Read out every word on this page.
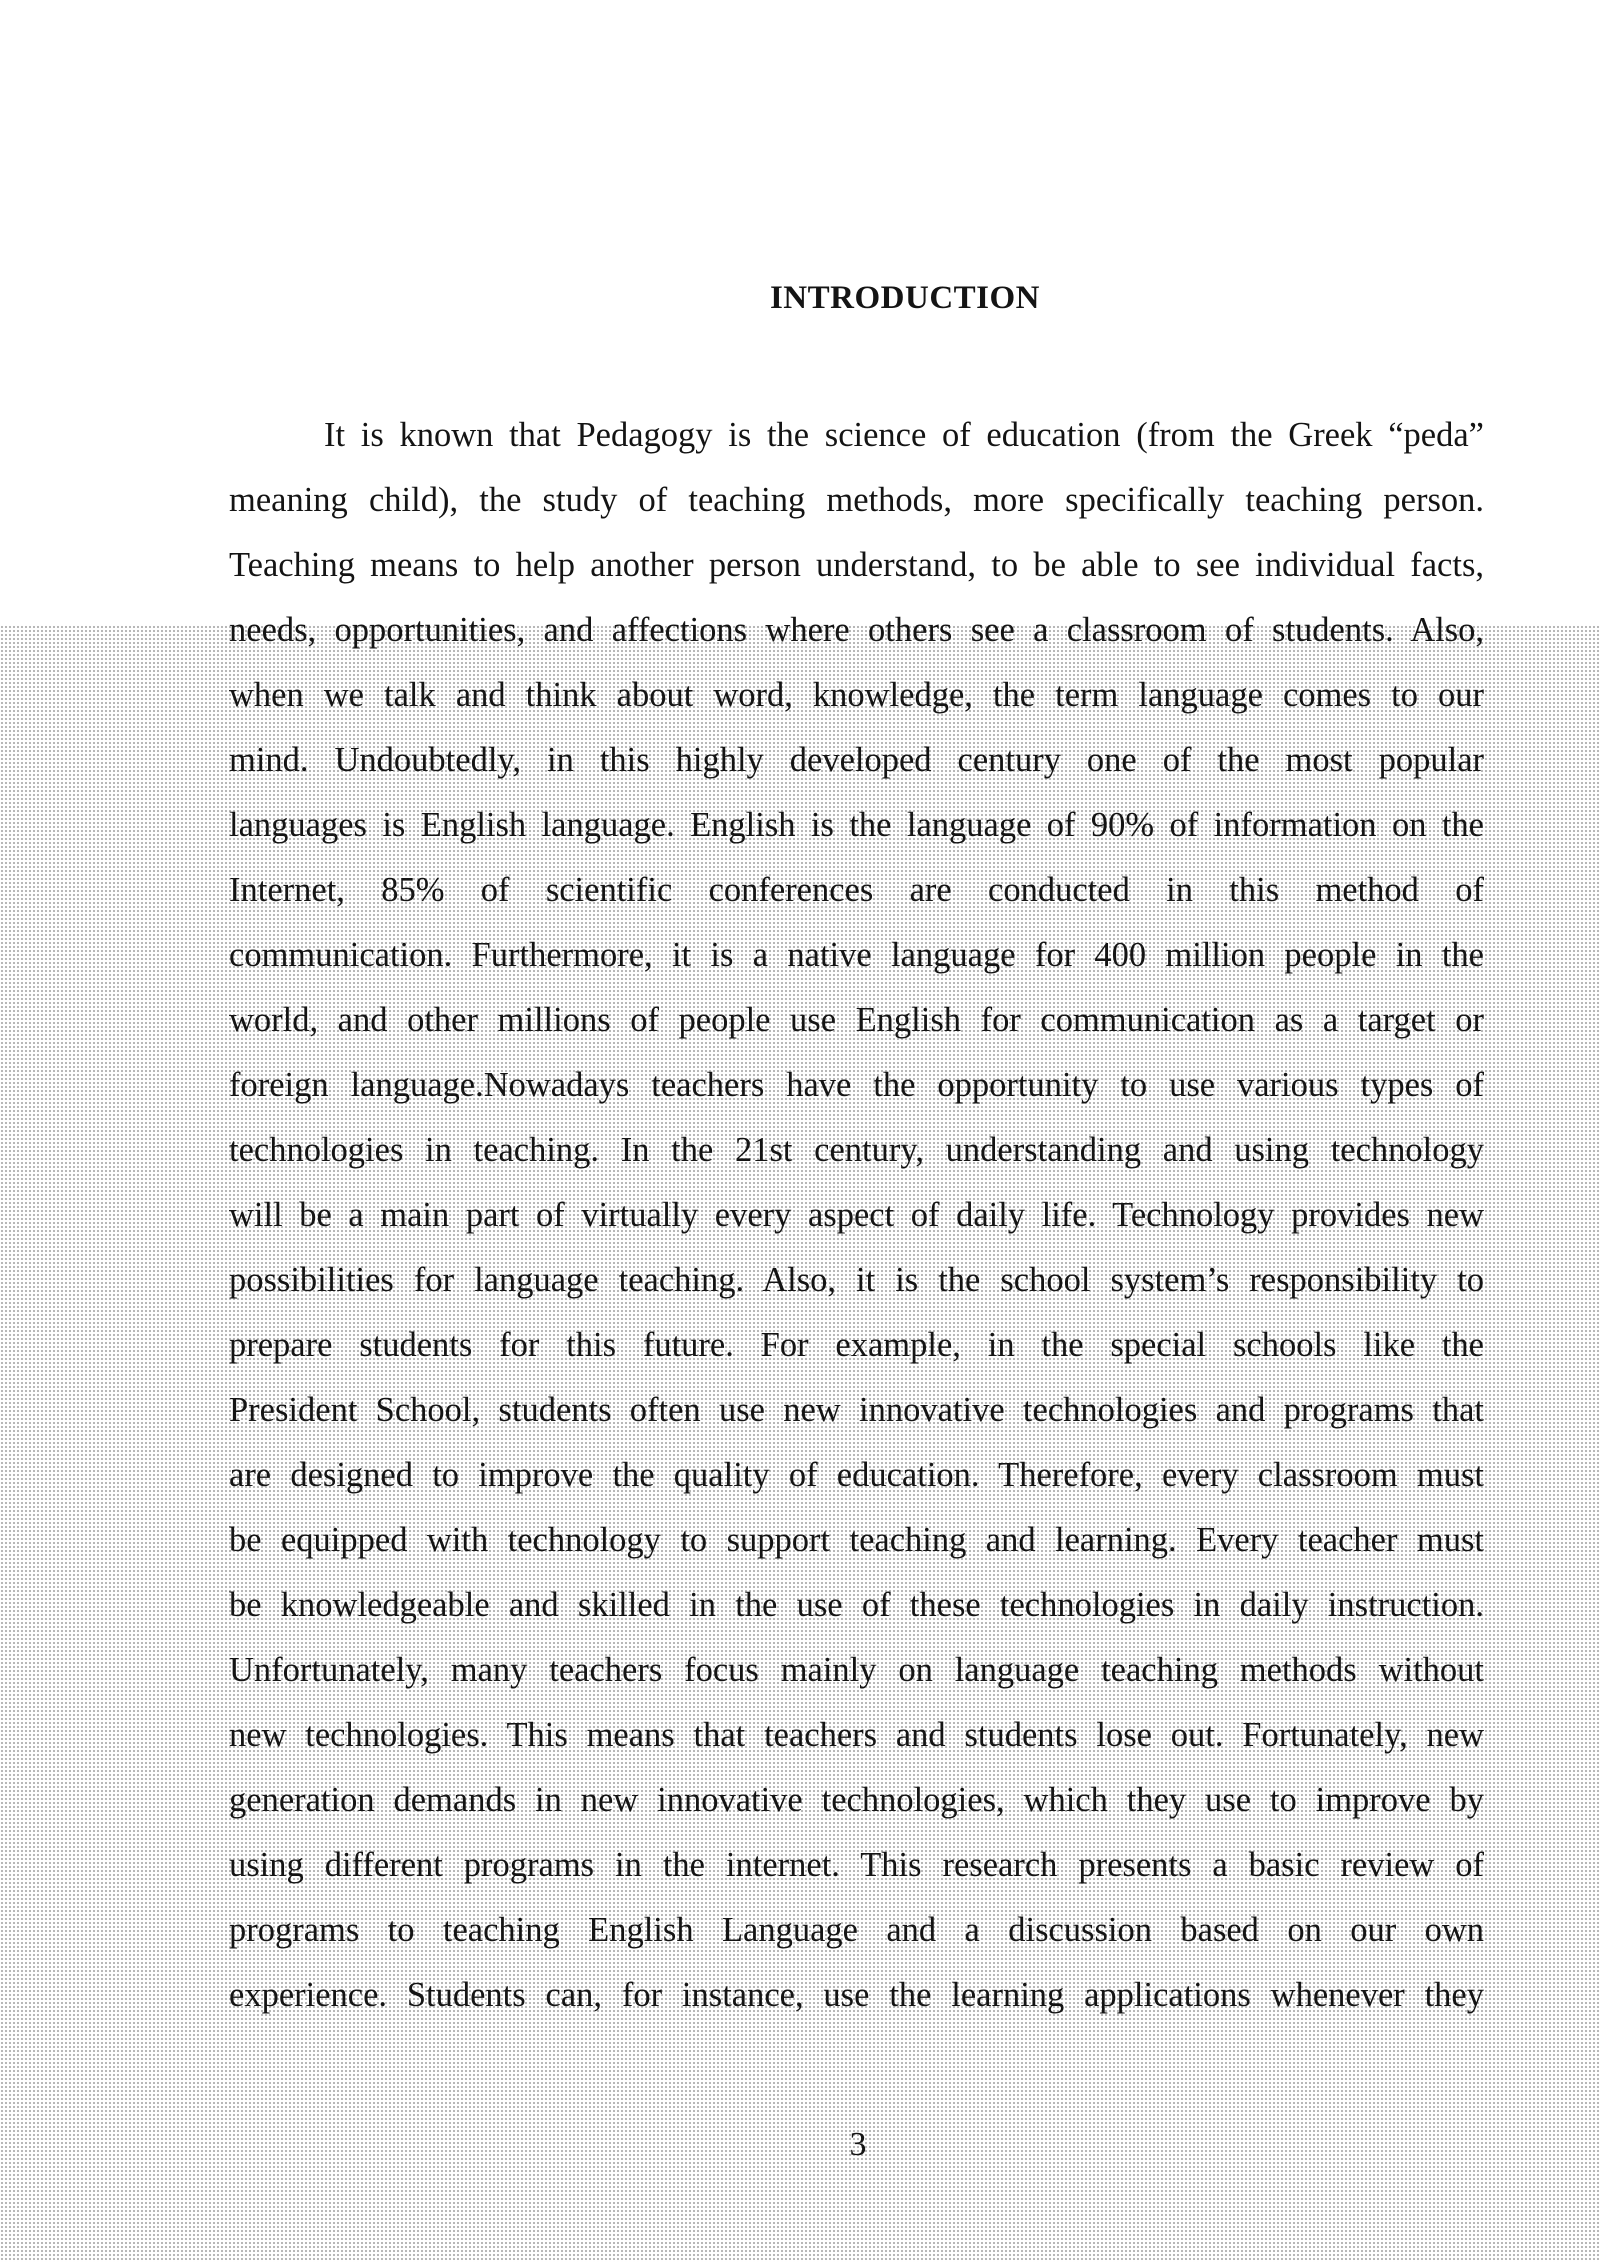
INTRODUCTION
It is known that Pedagogy is the science of education (from the Greek “peda”
meaning child), the study of teaching methods, more specifically teaching person.
Teaching means to help another person understand, to be able to see individual facts,
needs, opportunities, and affections where others see a classroom of students. Also,
when we talk and think about word, knowledge, the term language comes to our
mind. Undoubtedly, in this highly developed century one of the most popular
languages is English language. English is the language of 90% of information on the
Internet, 85% of scientific conferences are conducted in this method of
communication. Furthermore, it is a native language for 400 million people in the
world, and other millions of people use English for communication as a target or
foreign language.Nowadays teachers have the opportunity to use various types of
technologies in teaching. In the 21st century, understanding and using technology
will be a main part of virtually every aspect of daily life. Technology provides new
possibilities for language teaching. Also, it is the school system’s responsibility to
prepare students for this future. For example, in the special schools like the
President School, students often use new innovative technologies and programs that
are designed to improve the quality of education. Therefore, every classroom must
be equipped with technology to support teaching and learning. Every teacher must
be knowledgeable and skilled in the use of these technologies in daily instruction.
Unfortunately, many teachers focus mainly on language teaching methods without
new technologies. This means that teachers and students lose out. Fortunately, new
generation demands in new innovative technologies, which they use to improve by
using different programs in the internet. This research presents a basic review of
programs to teaching English Language and a discussion based on our own
experience. Students can, for instance, use the learning applications whenever they
3
